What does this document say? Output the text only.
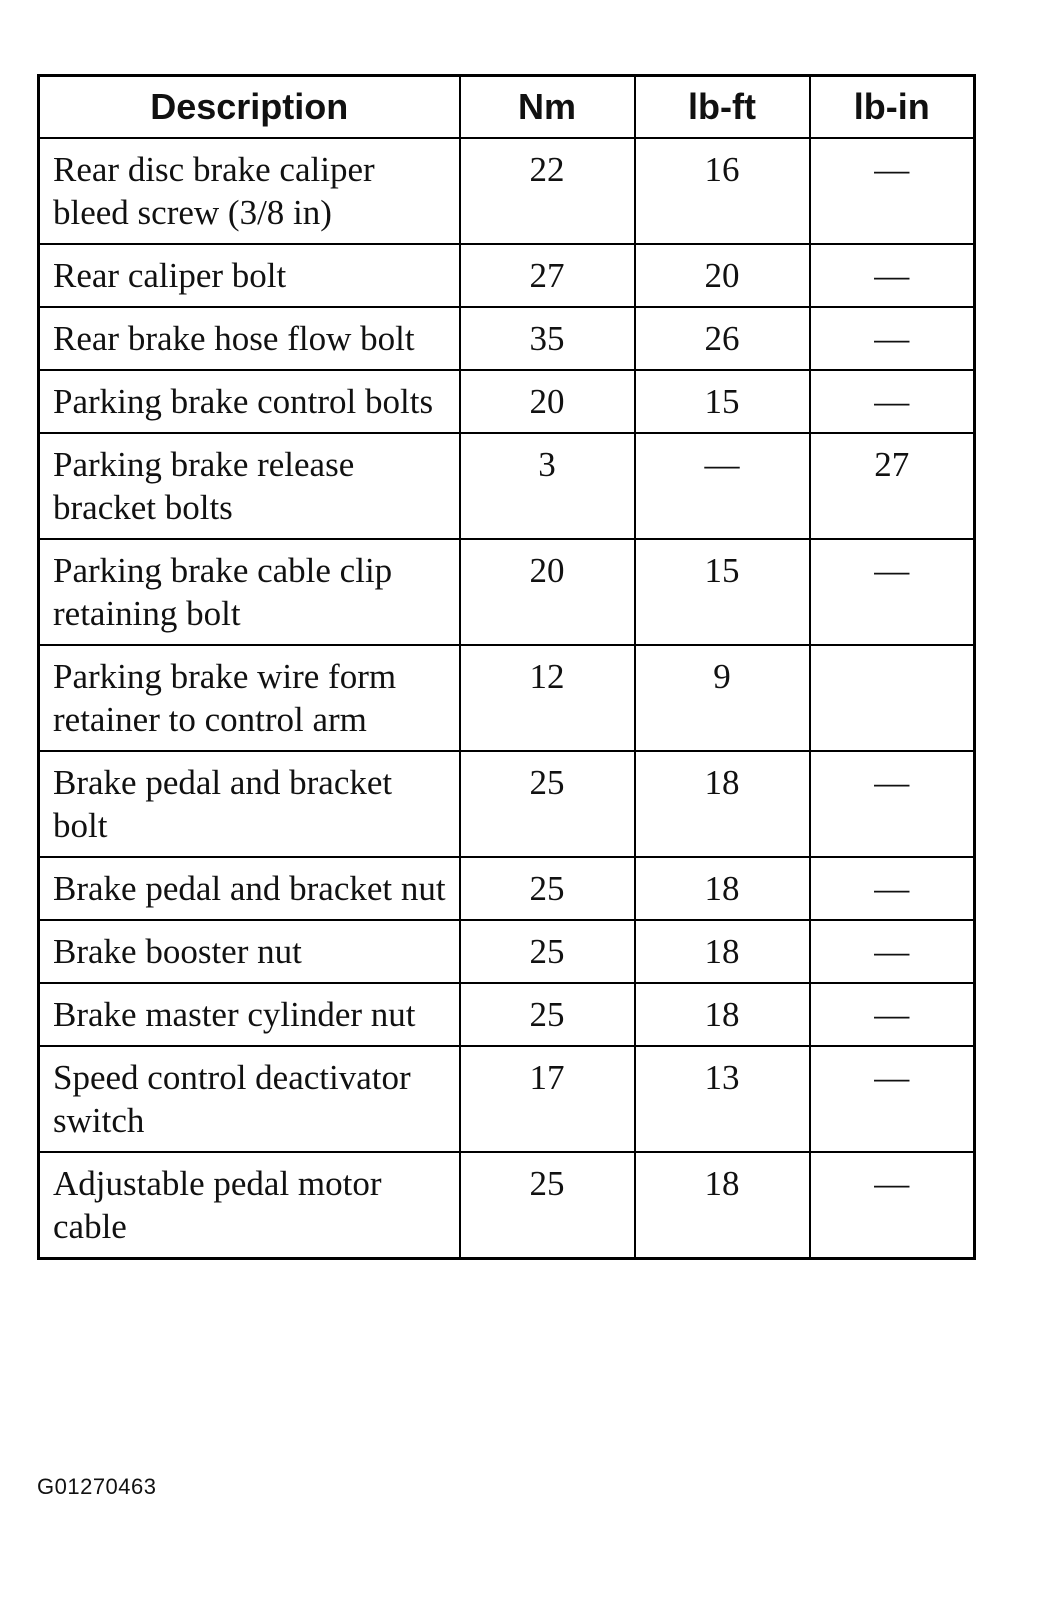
Description	Nm	lb-ft	lb-in
Rear disc brake caliper bleed screw (3/8 in)	22	16	—
Rear caliper bolt	27	20	—
Rear brake hose flow bolt	35	26	—
Parking brake control bolts	20	15	—
Parking brake release bracket bolts	3	—	27
Parking brake cable clip retaining bolt	20	15	—
Parking brake wire form retainer to control arm	12	9	
Brake pedal and bracket bolt	25	18	—
Brake pedal and bracket nut	25	18	—
Brake booster nut	25	18	—
Brake master cylinder nut	25	18	—
Speed control deactivator switch	17	13	—
Adjustable pedal motor cable	25	18	—
G01270463
